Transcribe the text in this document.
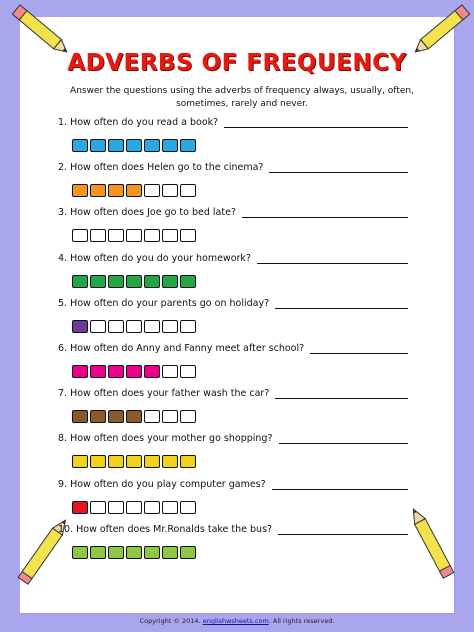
ADVERBS OF FREQUENCY
Answer the questions using the adverbs of frequency always, usually, often, sometimes, rarely and never.
1. How often do you read a book?
2. How often does Helen go to the cinema?
3. How often does Joe go to bed late?
4. How often do you do your homework?
5. How often do your parents go on holiday?
6. How often do Anny and Fanny meet after school?
7. How often does your father wash the car?
8. How often does your mother go shopping?
9. How often do you play computer games?
10. How often does Mr.Ronalds take the bus?
Copyright © 2014. englishwsheets.com. All rights reserved.
